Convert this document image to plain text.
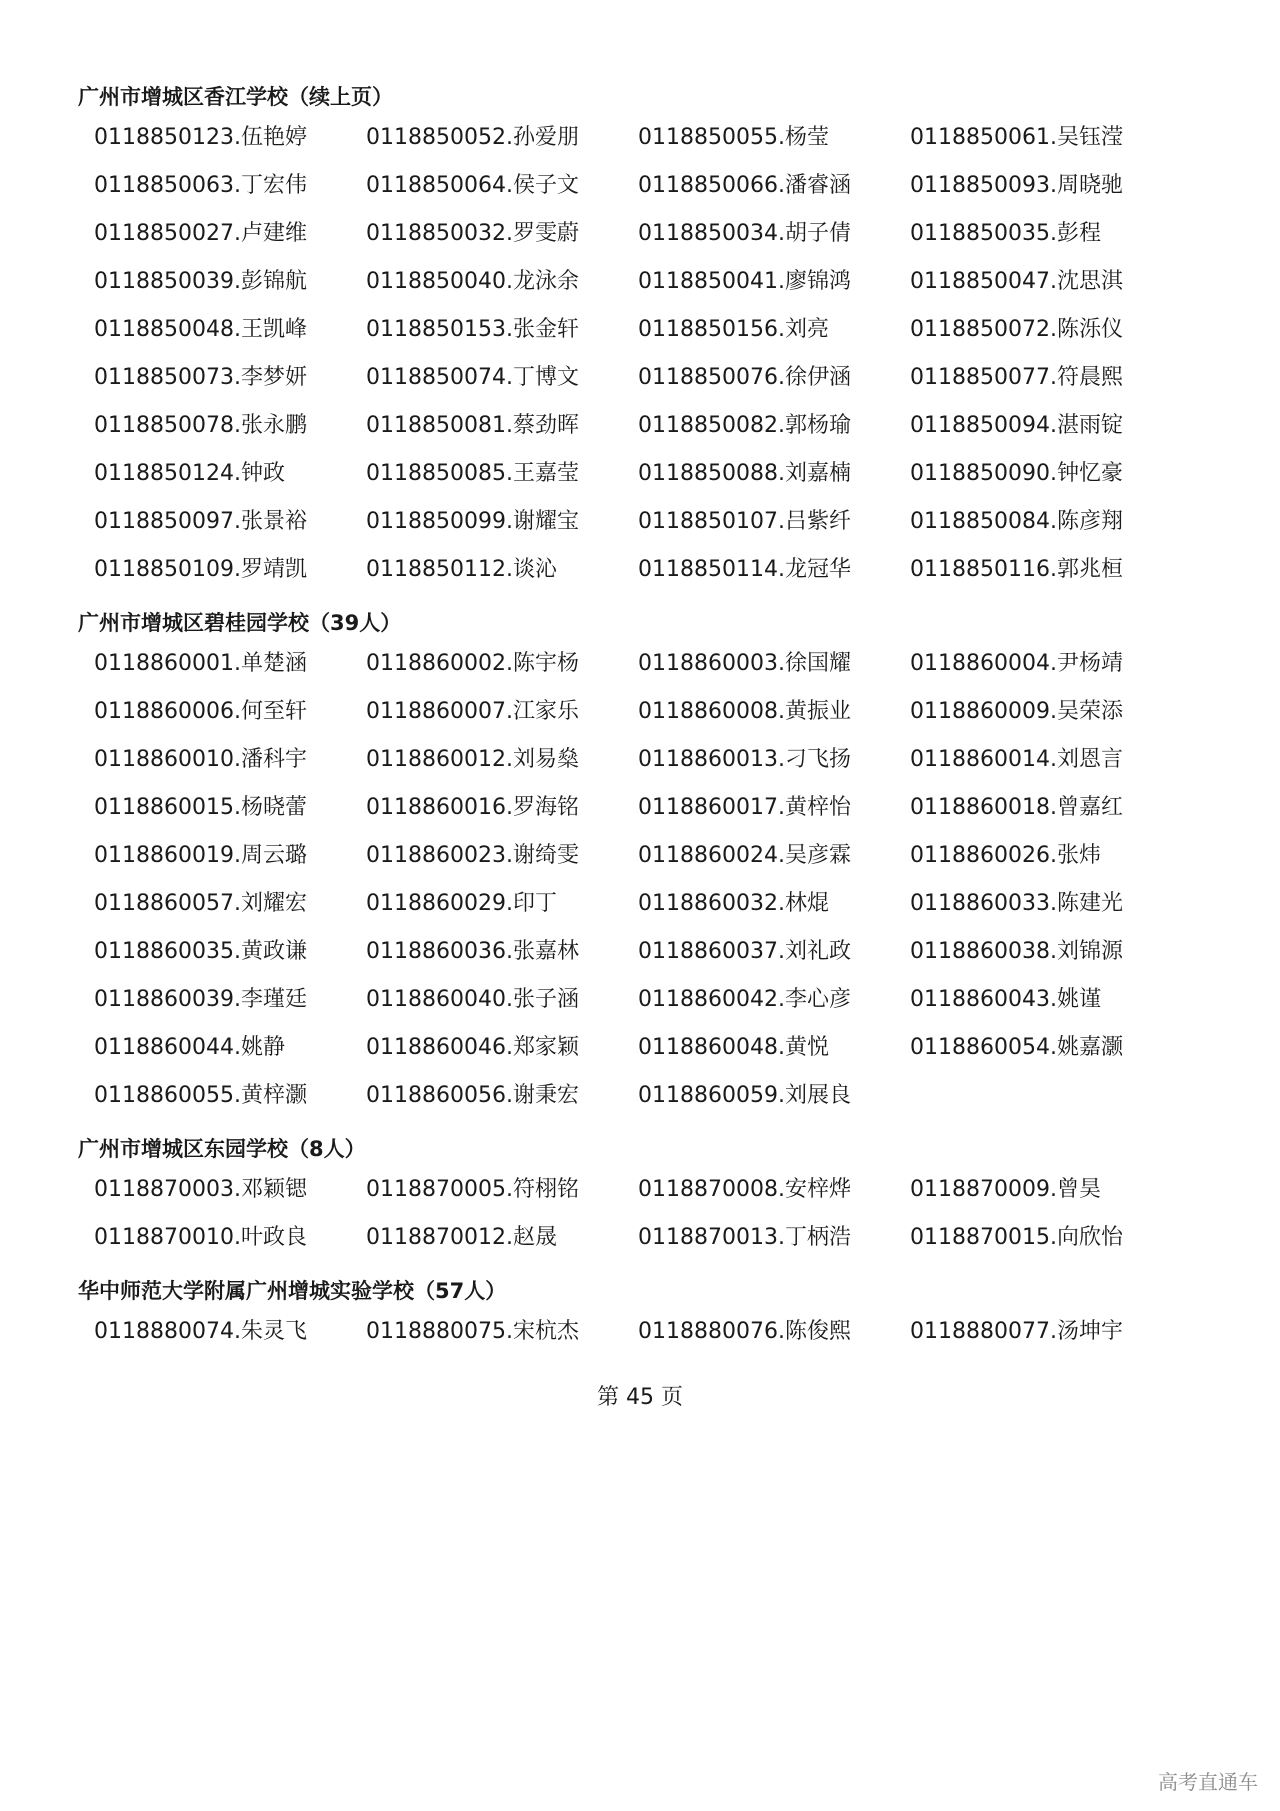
广州市增城区香江学校（续上页）
0118850123.伍艳婷	0118850052.孙爱朋	0118850055.杨莹	0118850061.吴钰滢
0118850063.丁宏伟	0118850064.侯子文	0118850066.潘睿涵	0118850093.周晓驰
0118850027.卢建维	0118850032.罗雯蔚	0118850034.胡子倩	0118850035.彭程
0118850039.彭锦航	0118850040.龙泳余	0118850041.廖锦鸿	0118850047.沈思淇
0118850048.王凯峰	0118850153.张金轩	0118850156.刘亮	0118850072.陈泺仪
0118850073.李梦妍	0118850074.丁博文	0118850076.徐伊涵	0118850077.符晨熙
0118850078.张永鹏	0118850081.蔡劲晖	0118850082.郭杨瑜	0118850094.湛雨锭
0118850124.钟政	0118850085.王嘉莹	0118850088.刘嘉楠	0118850090.钟忆豪
0118850097.张景裕	0118850099.谢耀宝	0118850107.吕紫纤	0118850084.陈彦翔
0118850109.罗靖凯	0118850112.谈沁	0118850114.龙冠华	0118850116.郭兆桓
广州市增城区碧桂园学校（39人）
0118860001.单楚涵	0118860002.陈宇杨	0118860003.徐国耀	0118860004.尹杨靖
0118860006.何至轩	0118860007.江家乐	0118860008.黄振业	0118860009.吴荣添
0118860010.潘科宇	0118860012.刘易燊	0118860013.刁飞扬	0118860014.刘恩言
0118860015.杨晓蕾	0118860016.罗海铭	0118860017.黄梓怡	0118860018.曾嘉红
0118860019.周云璐	0118860023.谢绮雯	0118860024.吴彦霖	0118860026.张炜
0118860057.刘耀宏	0118860029.印丁	0118860032.林焜	0118860033.陈建光
0118860035.黄政谦	0118860036.张嘉林	0118860037.刘礼政	0118860038.刘锦源
0118860039.李瑾廷	0118860040.张子涵	0118860042.李心彦	0118860043.姚谨
0118860044.姚静	0118860046.郑家颖	0118860048.黄悦	0118860054.姚嘉灏
0118860055.黄梓灏	0118860056.谢秉宏	0118860059.刘展良
广州市增城区东园学校（8人）
0118870003.邓颖锶	0118870005.符栩铭	0118870008.安梓烨	0118870009.曾昊
0118870010.叶政良	0118870012.赵晟	0118870013.丁柄浩	0118870015.向欣怡
华中师范大学附属广州增城实验学校（57人）
0118880074.朱灵飞	0118880075.宋杭杰	0118880076.陈俊熙	0118880077.汤坤宇
第 45 页
高考直通车
